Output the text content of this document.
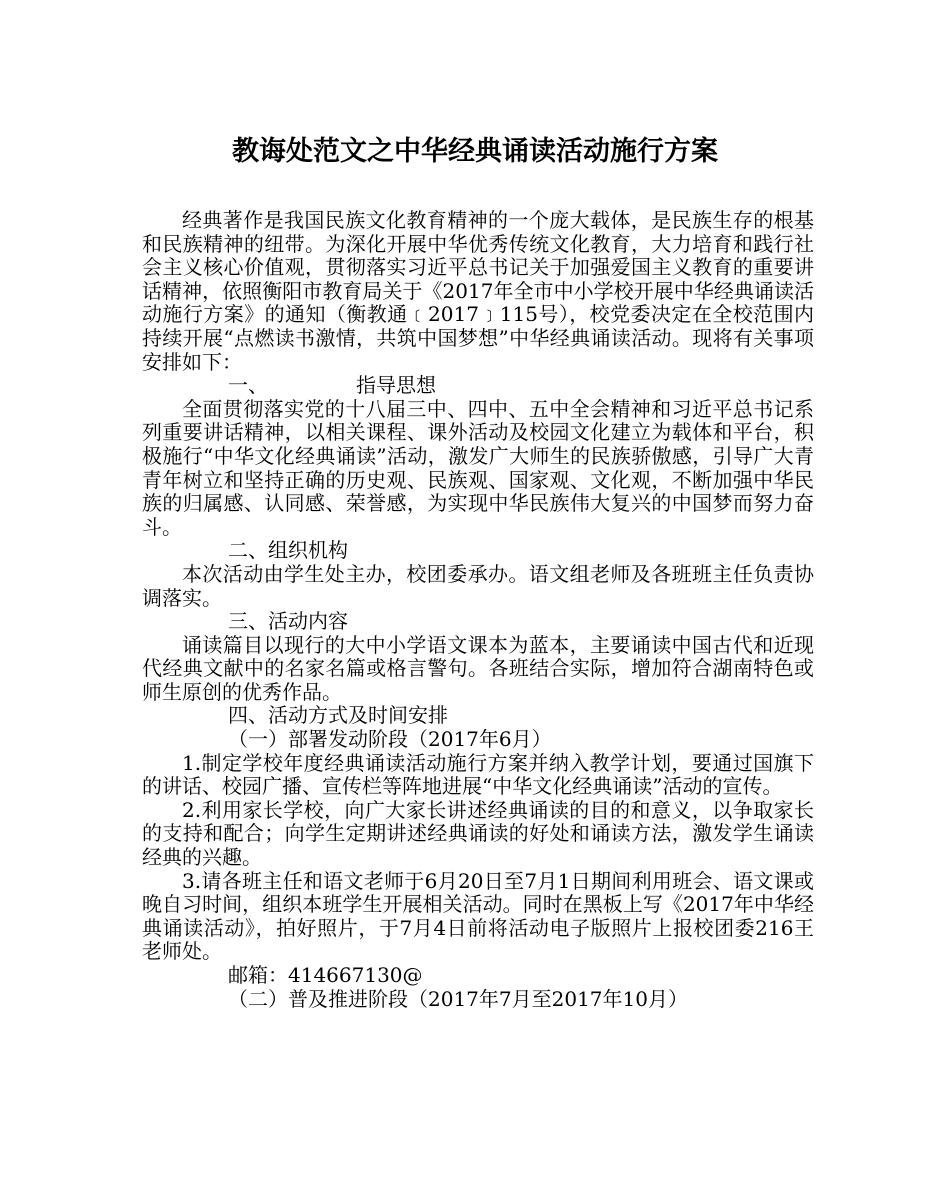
教诲处范文之中华经典诵读活动施行方案

经典著作是我国民族文化教育精神的一个庞大载体，是民族生存的根基和民族精神的纽带。为深化开展中华优秀传统文化教育，大力培育和践行社会主义核心价值观，贯彻落实习近平总书记关于加强爱国主义教育的重要讲话精神，依照衡阳市教育局关于《2017年全市中小学校开展中华经典诵读活动施行方案》的通知（衡教通﹝2017﹞115号），校党委决定在全校范围内持续开展“点燃读书激情，共筑中国梦想”中华经典诵读活动。现将有关事项安排如下：

一、	指导思想

全面贯彻落实党的十八届三中、四中、五中全会精神和习近平总书记系列重要讲话精神，以相关课程、课外活动及校园文化建立为载体和平台，积极施行“中华文化经典诵读”活动，激发广大师生的民族骄傲感，引导广大青青年树立和坚持正确的历史观、民族观、国家观、文化观，不断加强中华民族的归属感、认同感、荣誉感，为实现中华民族伟大复兴的中国梦而努力奋斗。

二、组织机构

本次活动由学生处主办，校团委承办。语文组老师及各班班主任负责协调落实。

三、活动内容

诵读篇目以现行的大中小学语文课本为蓝本，主要诵读中国古代和近现代经典文献中的名家名篇或格言警句。各班结合实际，增加符合湖南特色或师生原创的优秀作品。

四、活动方式及时间安排

（一）部署发动阶段（2017年6月）

1.制定学校年度经典诵读活动施行方案并纳入教学计划，要通过国旗下的讲话、校园广播、宣传栏等阵地进展“中华文化经典诵读”活动的宣传。

2.利用家长学校，向广大家长讲述经典诵读的目的和意义，以争取家长的支持和配合；向学生定期讲述经典诵读的好处和诵读方法，激发学生诵读经典的兴趣。

3.请各班主任和语文老师于6月20日至7月1日期间利用班会、语文课或晚自习时间，组织本班学生开展相关活动。同时在黑板上写《2017年中华经典诵读活动》，拍好照片，于7月4日前将活动电子版照片上报校团委216王老师处。

邮箱：414667130@

（二）普及推进阶段（2017年7月至2017年10月）
